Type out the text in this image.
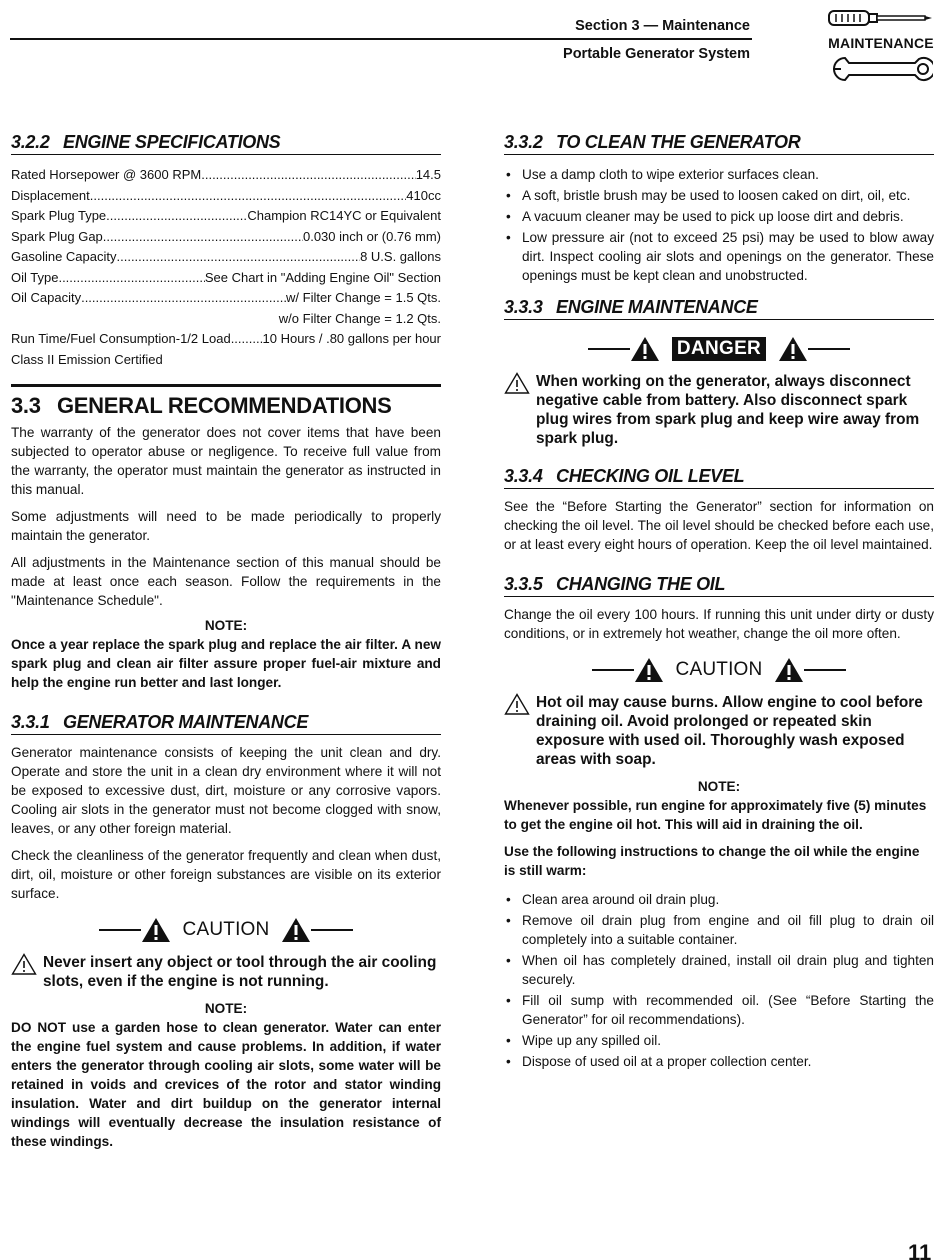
Section 3 — Maintenance
Portable Generator System
MAINTENANCE
3.2.2 ENGINE SPECIFICATIONS
Rated Horsepower @ 3600 RPM .....	14.5
Displacement .....	410cc
Spark Plug Type .....	Champion RC14YC or Equivalent
Spark Plug Gap .....	0.030 inch or (0.76 mm)
Gasoline Capacity .....	8 U.S. gallons
Oil Type .....	See Chart in "Adding Engine Oil" Section
Oil Capacity .....	w/ Filter Change = 1.5 Qts.
w/o Filter Change = 1.2 Qts.
Run Time/Fuel Consumption-1/2 Load ..... 10 Hours / .80 gallons per hour
Class II Emission Certified
3.3 GENERAL RECOMMENDATIONS

The warranty of the generator does not cover items that have been subjected to operator abuse or negligence. To receive full value from the warranty, the operator must maintain the generator as instructed in this manual.

Some adjustments will need to be made periodically to properly maintain the generator.

All adjustments in the Maintenance section of this manual should be made at least once each season. Follow the requirements in the "Maintenance Schedule".

NOTE:

Once a year replace the spark plug and replace the air filter. A new spark plug and clean air filter assure proper fuel-air mixture and help the engine run better and last longer.

3.3.1 GENERATOR MAINTENANCE

Generator maintenance consists of keeping the unit clean and dry. Operate and store the unit in a clean dry environment where it will not be exposed to excessive dust, dirt, moisture or any corrosive vapors. Cooling air slots in the generator must not become clogged with snow, leaves, or any other foreign material.

Check the cleanliness of the generator frequently and clean when dust, dirt, oil, moisture or other foreign substances are visible on its exterior surface.

CAUTION
Never insert any object or tool through the air cooling slots, even if the engine is not running.
NOTE:

DO NOT use a garden hose to clean generator. Water can enter the engine fuel system and cause problems. In addition, if water enters the generator through cooling air slots, some water will be retained in voids and crevices of the rotor and stator winding insulation. Water and dirt buildup on the generator internal windings will eventually decrease the insulation resistance of these windings.

3.3.2 TO CLEAN THE GENERATOR
• Use a damp cloth to wipe exterior surfaces clean.
• A soft, bristle brush may be used to loosen caked on dirt, oil, etc.
• A vacuum cleaner may be used to pick up loose dirt and debris.
• Low pressure air (not to exceed 25 psi) may be used to blow away dirt. Inspect cooling air slots and openings on the generator. These openings must be kept clean and unobstructed.
3.3.3 ENGINE MAINTENANCE
DANGER
When working on the generator, always disconnect negative cable from battery. Also disconnect spark plug wires from spark plug and keep wire away from spark plug.
3.3.4 CHECKING OIL LEVEL

See the “Before Starting the Generator” section for information on checking the oil level. The oil level should be checked before each use, or at least every eight hours of operation. Keep the oil level maintained.

3.3.5 CHANGING THE OIL

Change the oil every 100 hours. If running this unit under dirty or dusty conditions, or in extremely hot weather, change the oil more often.

CAUTION
Hot oil may cause burns. Allow engine to cool before draining oil. Avoid prolonged or repeated skin exposure with used oil. Thoroughly wash exposed areas with soap.
NOTE:

Whenever possible, run engine for approximately five (5) minutes to get the engine oil hot. This will aid in draining the oil.

Use the following instructions to change the oil while the engine is still warm:

• Clean area around oil drain plug.
• Remove oil drain plug from engine and oil fill plug to drain oil completely into a suitable container.
• When oil has completely drained, install oil drain plug and tighten securely.
• Fill oil sump with recommended oil. (See “Before Starting the Generator” for oil recommendations).
• Wipe up any spilled oil.
• Dispose of used oil at a proper collection center.
11
